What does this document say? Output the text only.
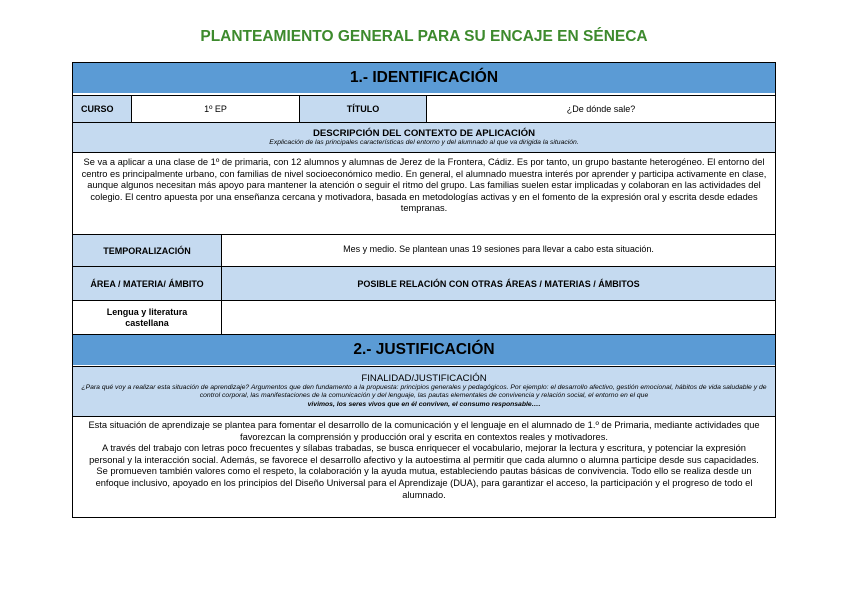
PLANTEAMIENTO GENERAL PARA SU ENCAJE EN SÉNECA
1.- IDENTIFICACIÓN
CURSO	1º EP	TÍTULO	¿De dónde sale?
DESCRIPCIÓN DEL CONTEXTO DE APLICACIÓN
Explicación de las principales características del entorno y del alumnado al que va dirigida la situación.
Se va a aplicar a una clase de 1º de primaria, con 12 alumnos y alumnas de Jerez de la Frontera, Cádiz. Es por tanto, un grupo bastante heterogéneo. El entorno del centro es principalmente urbano, con familias de nivel socioeconómico medio. En general, el alumnado muestra interés por aprender y participa activamente en clase, aunque algunos necesitan más apoyo para mantener la atención o seguir el ritmo del grupo. Las familias suelen estar implicadas y colaboran en las actividades del colegio. El centro apuesta por una enseñanza cercana y motivadora, basada en metodologías activas y en el fomento de la expresión oral y escrita desde edades tempranas.
TEMPORALIZACIÓN	Mes y medio. Se plantean unas 19 sesiones para llevar a cabo esta situación.
ÁREA / MATERIA/ ÁMBITO	POSIBLE RELACIÓN CON OTRAS ÁREAS / MATERIAS / ÁMBITOS
Lengua y literatura castellana
2.- JUSTIFICACIÓN
FINALIDAD/JUSTIFICACIÓN
¿Para qué voy a realizar esta situación de aprendizaje? Argumentos que den fundamento a la propuesta: principios generales y pedagógicos. Por ejemplo: el desarrollo afectivo, gestión emocional, hábitos de vida saludable y de control corporal, las manifestaciones de la comunicación y del lenguaje, las pautas elementales de convivencia y relación social, el entorno en el que
vivimos, los seres vivos que en él conviven, el consumo responsable….
Esta situación de aprendizaje se plantea para fomentar el desarrollo de la comunicación y el lenguaje en el alumnado de 1.º de Primaria, mediante actividades que favorezcan la comprensión y producción oral y escrita en contextos reales y motivadores.
A través del trabajo con letras poco frecuentes y sílabas trabadas, se busca enriquecer el vocabulario, mejorar la lectura y escritura, y potenciar la expresión personal y la interacción social. Además, se favorece el desarrollo afectivo y la autoestima al permitir que cada alumno o alumna participe desde sus capacidades.
Se promueven también valores como el respeto, la colaboración y la ayuda mutua, estableciendo pautas básicas de convivencia. Todo ello se realiza desde un enfoque inclusivo, apoyado en los principios del Diseño Universal para el Aprendizaje (DUA), para garantizar el acceso, la participación y el progreso de todo el alumnado.
